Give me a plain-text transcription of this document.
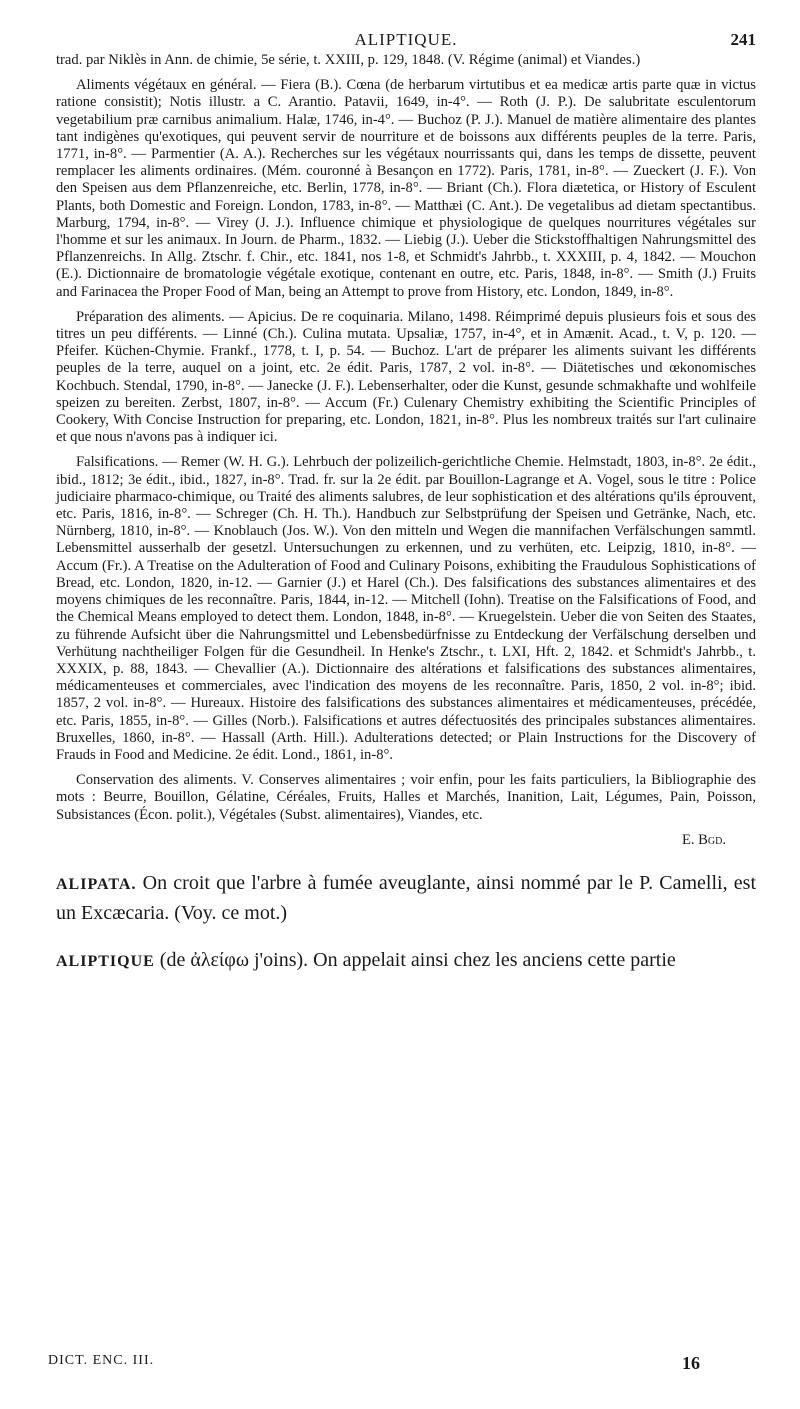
ALIPTIQUE.	241

trad. par Niklès in Ann. de chimie, 5e série, t. XXIII, p. 129, 1848. (V. Régime (animal) et Viandes.)

Aliments végétaux en général. — Fiera (B.). Cœna (de herbarum virtutibus et ea medicæ artis parte quæ in victus ratione consistit); Notis illustr. a C. Arantio. Patavii, 1649, in-4°. — Roth (J. P.). De salubritate esculentorum vegetabilium præ carnibus animalium. Halæ, 1746, in-4°. — Buchoz (P. J.). Manuel de matière alimentaire des plantes tant indigènes qu'exotiques, qui peuvent servir de nourriture et de boissons aux différents peuples de la terre. Paris, 1771, in-8°. — Parmentier (A. A.). Recherches sur les végétaux nourrissants qui, dans les temps de dissette, peuvent remplacer les aliments ordinaires. (Mém. couronné à Besançon en 1772). Paris, 1781, in-8°. — Zueckert (J. F.). Von den Speisen aus dem Pflanzenreiche, etc. Berlin, 1778, in-8°. — Briant (Ch.). Flora diætetica, or History of Esculent Plants, both Domestic and Foreign. London, 1783, in-8°. — Matthæi (C. Ant.). De vegetalibus ad dietam spectantibus. Marburg, 1794, in-8°. — Virey (J. J.). Influence chimique et physiologique de quelques nourritures végétales sur l'homme et sur les animaux. In Journ. de Pharm., 1832. — Liebig (J.). Ueber die Stickstoffhaltigen Nahrungsmittel des Pflanzenreichs. In Allg. Ztschr. f. Chir., etc. 1841, nos 1-8, et Schmidt's Jahrbb., t. XXXIII, p. 4, 1842. — Mouchon (E.). Dictionnaire de bromatologie végétale exotique, contenant en outre, etc. Paris, 1848, in-8°. — Smith (J.) Fruits and Farinacea the Proper Food of Man, being an Attempt to prove from History, etc. London, 1849, in-8°.

Préparation des aliments. — Apicius. De re coquinaria. Milano, 1498. Réimprimé depuis plusieurs fois et sous des titres un peu différents. — Linné (Ch.). Culina mutata. Upsaliæ, 1757, in-4°, et in Amænit. Acad., t. V, p. 120. — Pfeifer. Küchen-Chymie. Frankf., 1778, t. I, p. 54. — Buchoz. L'art de préparer les aliments suivant les différents peuples de la terre, auquel on a joint, etc. 2e édit. Paris, 1787, 2 vol. in-8°. — Diätetisches und œkonomisches Kochbuch. Stendal, 1790, in-8°. — Janecke (J. F.). Lebenserhalter, oder die Kunst, gesunde schmakhafte und wohlfeile speizen zu bereiten. Zerbst, 1807, in-8°. — Accum (Fr.) Culenary Chemistry exhibiting the Scientific Principles of Cookery, With Concise Instruction for preparing, etc. London, 1821, in-8°. Plus les nombreux traités sur l'art culinaire et que nous n'avons pas à indiquer ici.

Falsifications. — Remer (W. H. G.). Lehrbuch der polizeilich-gerichtliche Chemie. Helmstadt, 1803, in-8°. 2e édit., ibid., 1812; 3e édit., ibid., 1827, in-8°. Trad. fr. sur la 2e édit. par Bouillon-Lagrange et A. Vogel, sous le titre : Police judiciaire pharmaco-chimique, ou Traité des aliments salubres, de leur sophistication et des altérations qu'ils éprouvent, etc. Paris, 1816, in-8°. — Schreger (Ch. H. Th.). Handbuch zur Selbstprüfung der Speisen und Getränke, Nach, etc. Nürnberg, 1810, in-8°. — Knoblauch (Jos. W.). Von den mitteln und Wegen die mannifachen Verfälschungen sammtl. Lebensmittel ausserhalb der gesetzl. Untersuchungen zu erkennen, und zu verhüten, etc. Leipzig, 1810, in-8°. — Accum (Fr.). A Treatise on the Adulteration of Food and Culinary Poisons, exhibiting the Fraudulous Sophistications of Bread, etc. London, 1820, in-12. — Garnier (J.) et Harel (Ch.). Des falsifications des substances alimentaires et des moyens chimiques de les reconnaître. Paris, 1844, in-12. — Mitchell (Iohn). Treatise on the Falsifications of Food, and the Chemical Means employed to detect them. London, 1848, in-8°. — Kruegelstein. Ueber die von Seiten des Staates, zu führende Aufsicht über die Nahrungsmittel und Lebensbedürfnisse zu Entdeckung der Verfälschung derselben und Verhütung nachtheiliger Folgen für die Gesundheil. In Henke's Ztschr., t. LXI, Hft. 2, 1842. et Schmidt's Jahrbb., t. XXXIX, p. 88, 1843. — Chevallier (A.). Dictionnaire des altérations et falsifications des substances alimentaires, médicamenteuses et commerciales, avec l'indication des moyens de les reconnaître. Paris, 1850, 2 vol. in-8°; ibid. 1857, 2 vol. in-8°. — Hureaux. Histoire des falsifications des substances alimentaires et médicamenteuses, précédée, etc. Paris, 1855, in-8°. — Gilles (Norb.). Falsifications et autres défectuosités des principales substances alimentaires. Bruxelles, 1860, in-8°. — Hassall (Arth. Hill.). Adulterations detected; or Plain Instructions for the Discovery of Frauds in Food and Medicine. 2e édit. Lond., 1861, in-8°.

Conservation des aliments. V. Conserves alimentaires ; voir enfin, pour les faits particuliers, la Bibliographie des mots : Beurre, Bouillon, Gélatine, Céréales, Fruits, Halles et Marchés, Inanition, Lait, Légumes, Pain, Poisson, Subsistances (Écon. polit.), Végétales (Subst. alimentaires), Viandes, etc.

E. Bgd.

ALIPATA. On croit que l'arbre à fumée aveuglante, ainsi nommé par le P. Camelli, est un Excæcaria. (Voy. ce mot.)

ALIPTIQUE (de ἀλείφω j'oins). On appelait ainsi chez les anciens cette partie

DICT. ENC. III.	16
